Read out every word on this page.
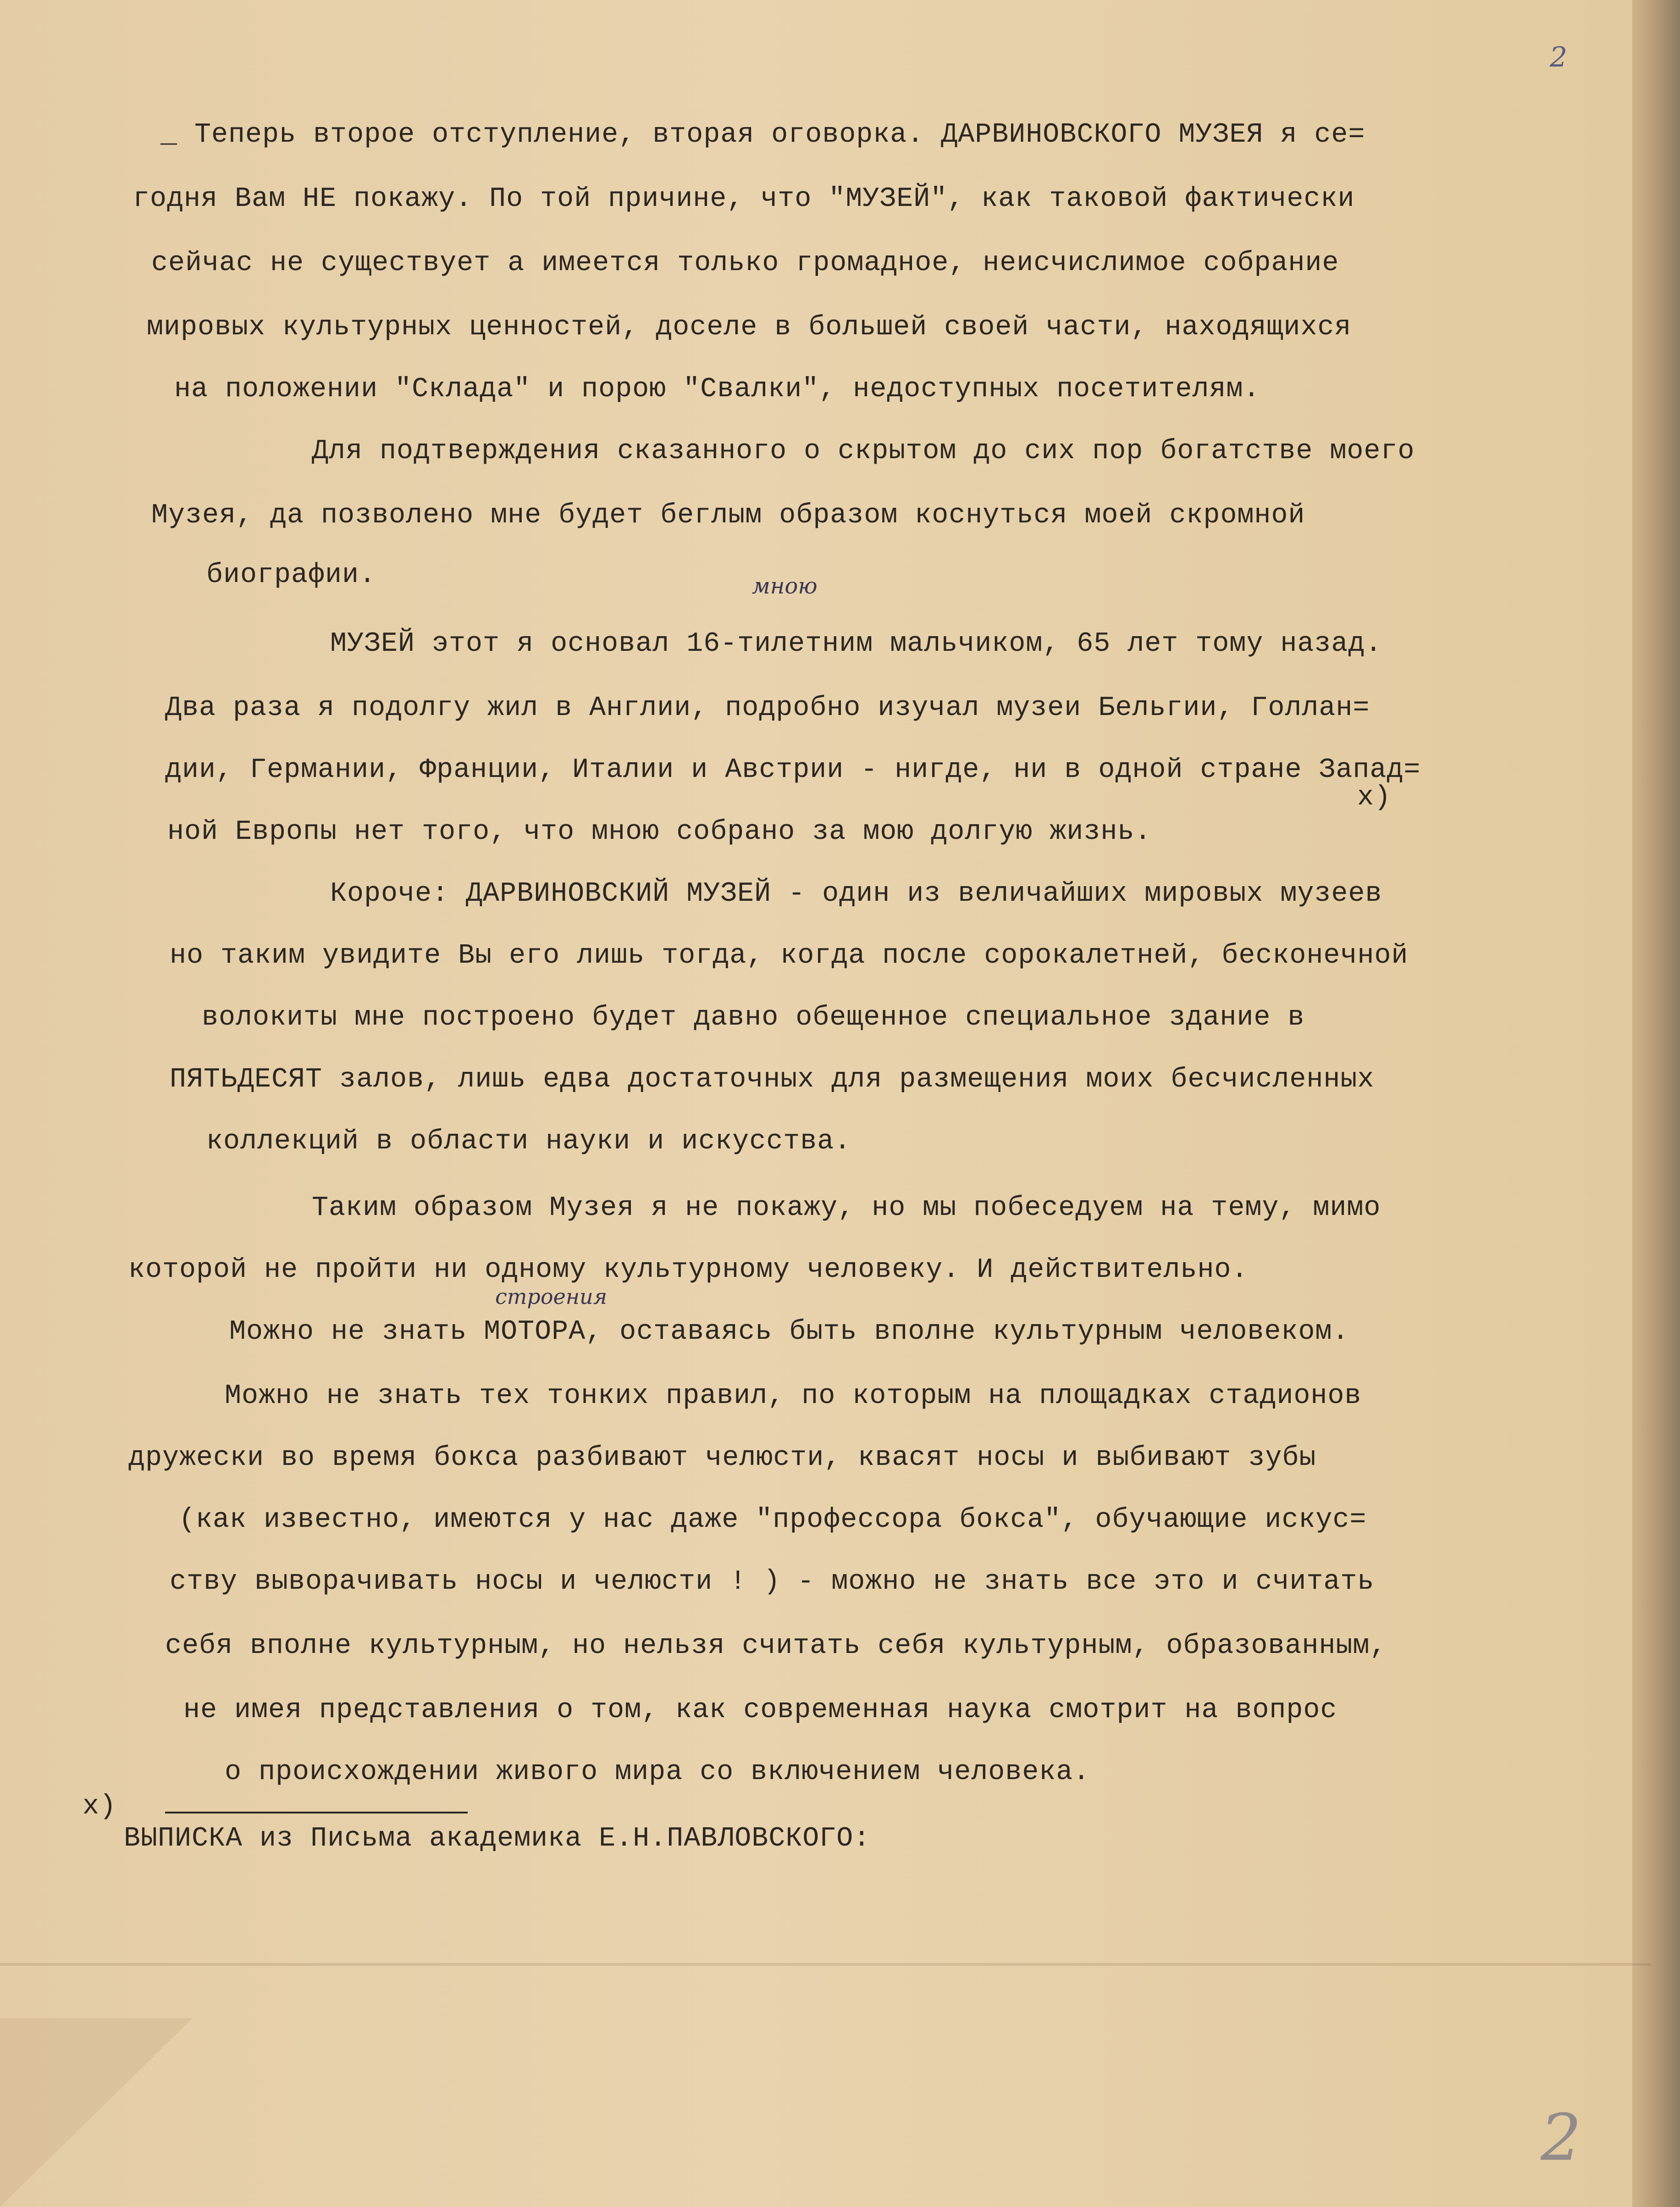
2
_ Теперь второе отступление, вторая оговорка. ДАРВИНОВСКОГО МУЗЕЯ я се=
годня Вам НЕ покажу. По той причине, что "МУЗЕЙ", как таковой фактически
сейчас не существует а имеется только громадное, неисчислимое собрание
мировых культурных ценностей, доселе в большей своей части, находящихся
на положении "Склада" и порою "Свалки", недоступных посетителям.
Для подтверждения сказанного о скрытом до сих пор богатстве моего
Музея, да позволено мне будет беглым образом коснуться моей скромной
биографии.	мною
МУЗЕЙ этот я основал 16-тилетним мальчиком, 65 лет тому назад.
Два раза я подолгу жил в Англии, подробно изучал музеи Бельгии, Голлан=
дии, Германии, Франции, Италии и Австрии - нигде, ни в одной стране Запад=
ной Европы нет того, что мною собрано за мою долгую жизнь.
х)
Короче: ДАРВИНОВСКИЙ МУЗЕЙ - один из величайших мировых музеев
но таким увидите Вы его лишь тогда, когда после сорокалетней, бесконечной
волокиты мне построено будет давно обещенное специальное здание в
ПЯТЬДЕСЯТ залов, лишь едва достаточных для размещения моих бесчисленных
коллекций в области науки и искусства.
Таким образом Музея я не покажу, но мы побеседуем на тему, мимо
которой не пройти ни одному культурному человеку. И действительно.
строения
Можно не знать МОТОРА, оставаясь быть вполне культурным человеком.
Можно не знать тех тонких правил, по которым на площадках стадионов
дружески во время бокса разбивают челюсти, квасят носы и выбивают зубы
(как известно, имеются у нас даже "профессора бокса", обучающие искус=
ству выворачивать носы и челюсти ! ) - можно не знать все это и считать
себя вполне культурным, но нельзя считать себя культурным, образованным,
не имея представления о том, как современная наука смотрит на вопрос
о происхождении живого мира со включением человека.
х)
ВЫПИСКА из Письма академика Е.Н.ПАВЛОВСКОГО:
2
